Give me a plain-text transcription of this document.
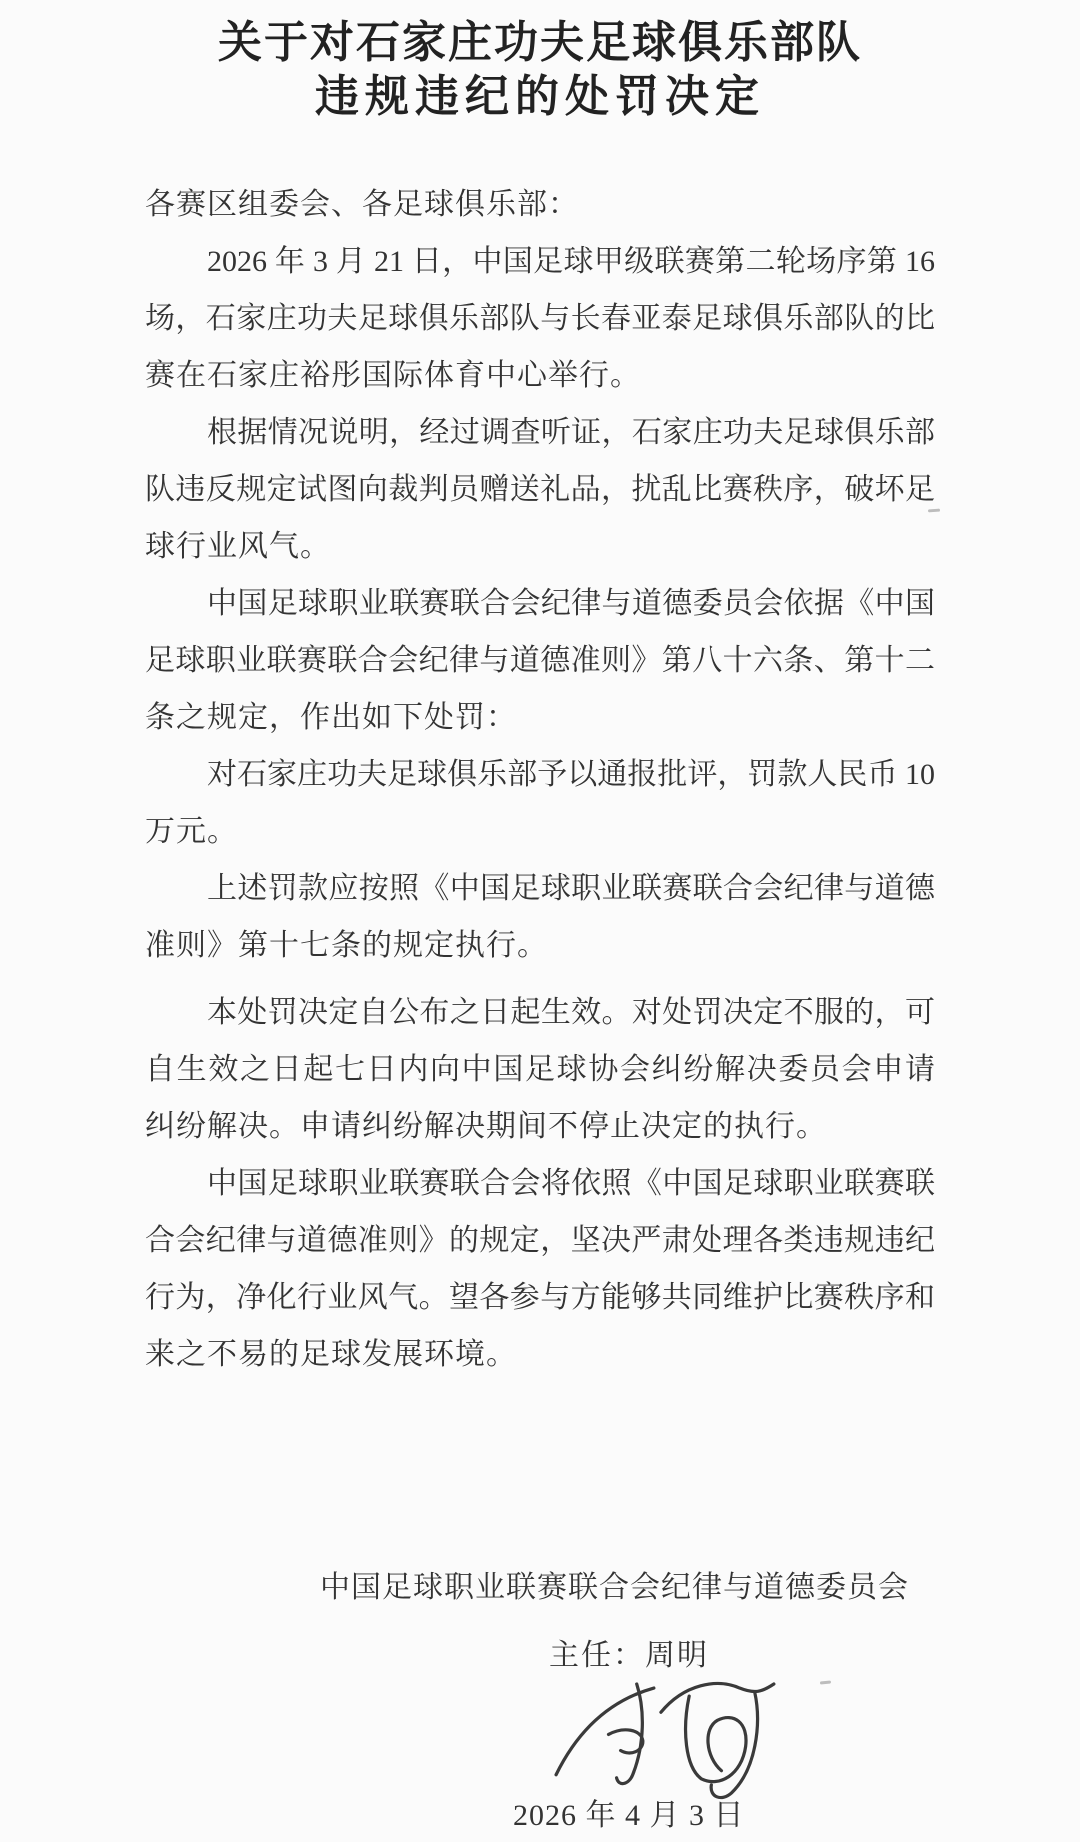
关于对石家庄功夫足球俱乐部队
违规违纪的处罚决定
各赛区组委会、各足球俱乐部：
2026 年 3 月 21 日，中国足球甲级联赛第二轮场序第 16
场，石家庄功夫足球俱乐部队与长春亚泰足球俱乐部队的比
赛在石家庄裕彤国际体育中心举行。
根据情况说明，经过调查听证，石家庄功夫足球俱乐部
队违反规定试图向裁判员赠送礼品，扰乱比赛秩序，破坏足
球行业风气。
中国足球职业联赛联合会纪律与道德委员会依据《中国
足球职业联赛联合会纪律与道德准则》第八十六条、第十二
条之规定，作出如下处罚：
对石家庄功夫足球俱乐部予以通报批评，罚款人民币 10
万元。
上述罚款应按照《中国足球职业联赛联合会纪律与道德
准则》第十七条的规定执行。
本处罚决定自公布之日起生效。对处罚决定不服的，可
自生效之日起七日内向中国足球协会纠纷解决委员会申请
纠纷解决。申请纠纷解决期间不停止决定的执行。
中国足球职业联赛联合会将依照《中国足球职业联赛联
合会纪律与道德准则》的规定，坚决严肃处理各类违规违纪
行为，净化行业风气。望各参与方能够共同维护比赛秩序和
来之不易的足球发展环境。
中国足球职业联赛联合会纪律与道德委员会
主任：周明
2026 年 4 月 3 日
